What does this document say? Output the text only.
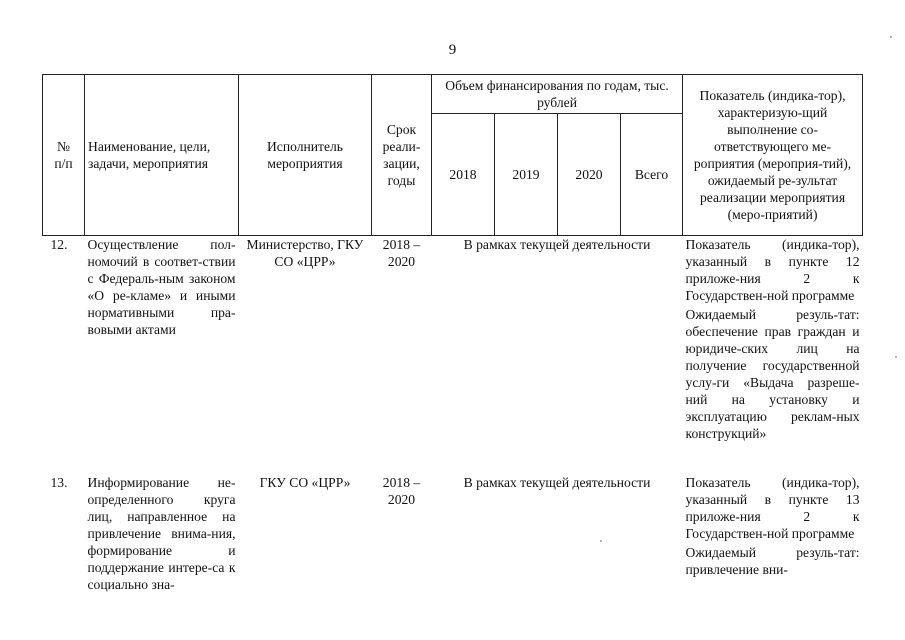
9
№
п/п	Наименование, цели, задачи, мероприятия	Исполнитель мероприятия	Срок реали-зации, годы	Объем финансирования по годам, тыс. рублей				Показатель (индика-тор), характеризую-щий выполнение со-ответствующего ме-роприятия (мероприя-тий), ожидаемый ре-зультат реализации мероприятия (меро-приятий)
				2018	2019	2020	Всего	
12.	Осуществление пол-номочий в соответ-ствии с Федераль-ным законом «О ре-кламе» и иными нормативными пра-вовыми актами	Министерство, ГКУ СО «ЦРР»	2018 – 2020	В рамках текущей деятельности				Показатель (индика-тор), указанный в пункте 12 приложе-ния 2 к Государствен-ной программе
Ожидаемый резуль-тат: обеспечение прав граждан и юридиче-ских лиц на получение государственной услу-ги «Выдача разреше-ний на установку и эксплуатацию реклам-ных конструкций»

13.	Информирование не-определенного круга лиц, направленное на привлечение внима-ния, формирование и поддержание интере-са к социально зна-	ГКУ СО «ЦРР»	2018 – 2020	В рамках текущей деятельности				Показатель (индика-тор), указанный в пункте 13 приложе-ния 2 к Государствен-ной программе
Ожидаемый резуль-тат: привлечение вни-
